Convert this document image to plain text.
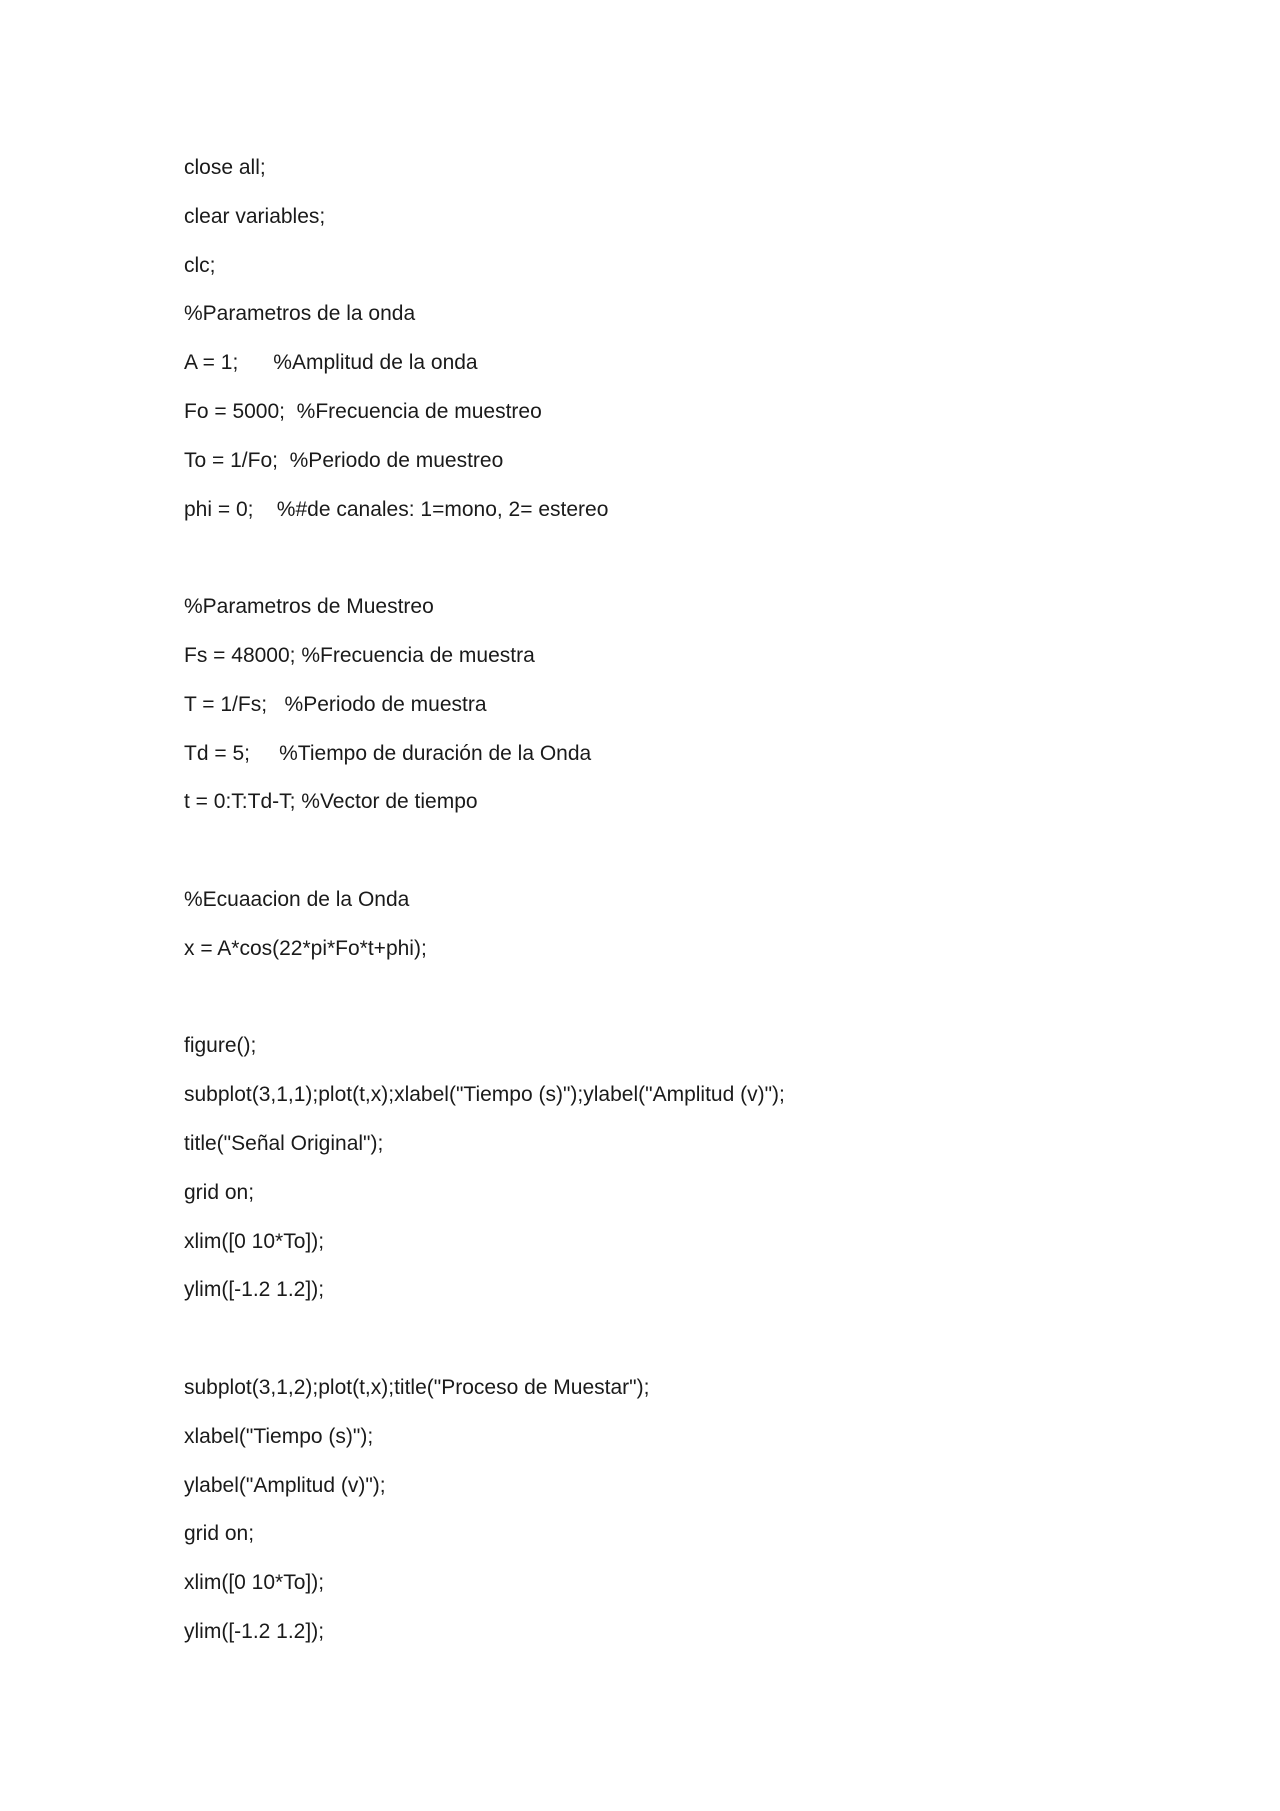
close all;
clear variables;
clc;
%Parametros de la onda
A = 1;      %Amplitud de la onda
Fo = 5000;  %Frecuencia de muestreo
To = 1/Fo;  %Periodo de muestreo
phi = 0;    %#de canales: 1=mono, 2= estereo
%Parametros de Muestreo
Fs = 48000; %Frecuencia de muestra
T = 1/Fs;   %Periodo de muestra
Td = 5;     %Tiempo de duración de la Onda
t = 0:T:Td-T; %Vector de tiempo
%Ecuaacion de la Onda
x = A*cos(22*pi*Fo*t+phi);
figure();
subplot(3,1,1);plot(t,x);xlabel("Tiempo (s)");ylabel("Amplitud (v)");
title("Señal Original");
grid on;
xlim([0 10*To]);
ylim([-1.2 1.2]);
subplot(3,1,2);plot(t,x);title("Proceso de Muestar");
xlabel("Tiempo (s)");
ylabel("Amplitud (v)");
grid on;
xlim([0 10*To]);
ylim([-1.2 1.2]);
